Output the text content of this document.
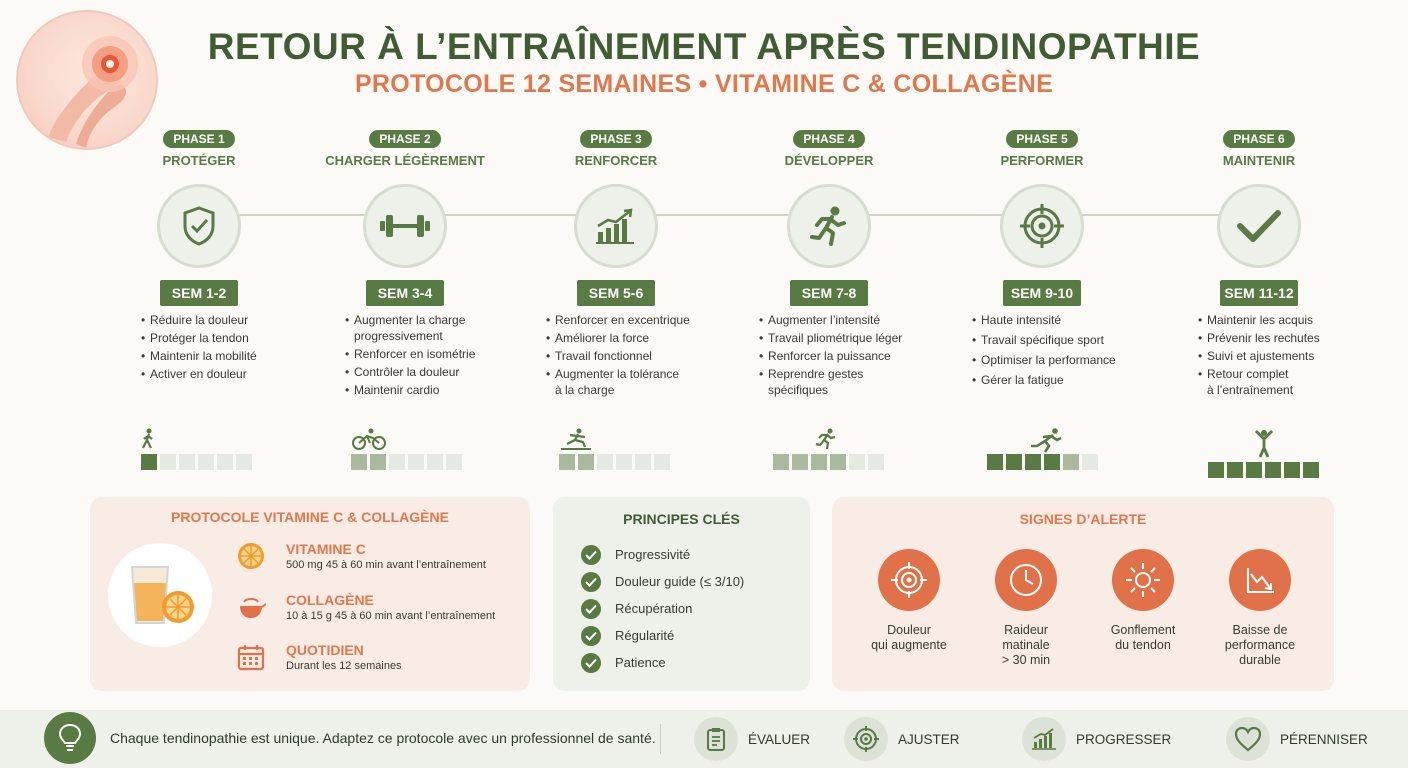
RETOUR À L’ENTRAÎNEMENT APRÈS TENDINOPATHIE
PROTOCOLE 12 SEMAINES • VITAMINE C & COLLAGÈNE
PHASE 1
PROTÉGER
SEM 1-2
• Réduire la douleur
• Protéger la tendon
• Maintenir la mobilité
• Activer en douleur
PHASE 2
CHARGER LÉGÈREMENT
SEM 3-4
• Augmenter la charge
progressivement
• Renforcer en isométrie
• Contrôler la douleur
• Maintenir cardio
PHASE 3
RENFORCER
SEM 5-6
• Renforcer en excentrique
• Améliorer la force
• Travail fonctionnel
• Augmenter la tolérance
à la charge
PHASE 4
DÉVELOPPER
SEM 7-8
• Augmenter l’intensité
• Travail pliométrique léger
• Renforcer la puissance
• Reprendre gestes
spécifiques
PHASE 5
PERFORMER
SEM 9-10
• Haute intensité
• Travail spécifique sport
• Optimiser la performance
• Gérer la fatigue
PHASE 6
MAINTENIR
SEM 11-12
• Maintenir les acquis
• Prévenir les rechutes
• Suivi et ajustements
• Retour complet
à l’entraînement
PROTOCOLE VITAMINE C & COLLAGÈNE
VITAMINE C
500 mg 45 à 60 min avant l’entraînement
COLLAGÈNE
10 à 15 g 45 à 60 min avant l’entraînement
QUOTIDIEN
Durant les 12 semaines
PRINCIPES CLÉS
Progressivité
Douleur guide (≤ 3/10)
Récupération
Régularité
Patience
SIGNES D’ALERTE
Douleur
qui augmente
Raideur
matinale
> 30 min
Gonflement
du tendon
Baisse de
performance
durable
Chaque tendinopathie est unique. Adaptez ce protocole avec un professionnel de santé.	ÉVALUER	AJUSTER	PROGRESSER	PÉRENNISER
